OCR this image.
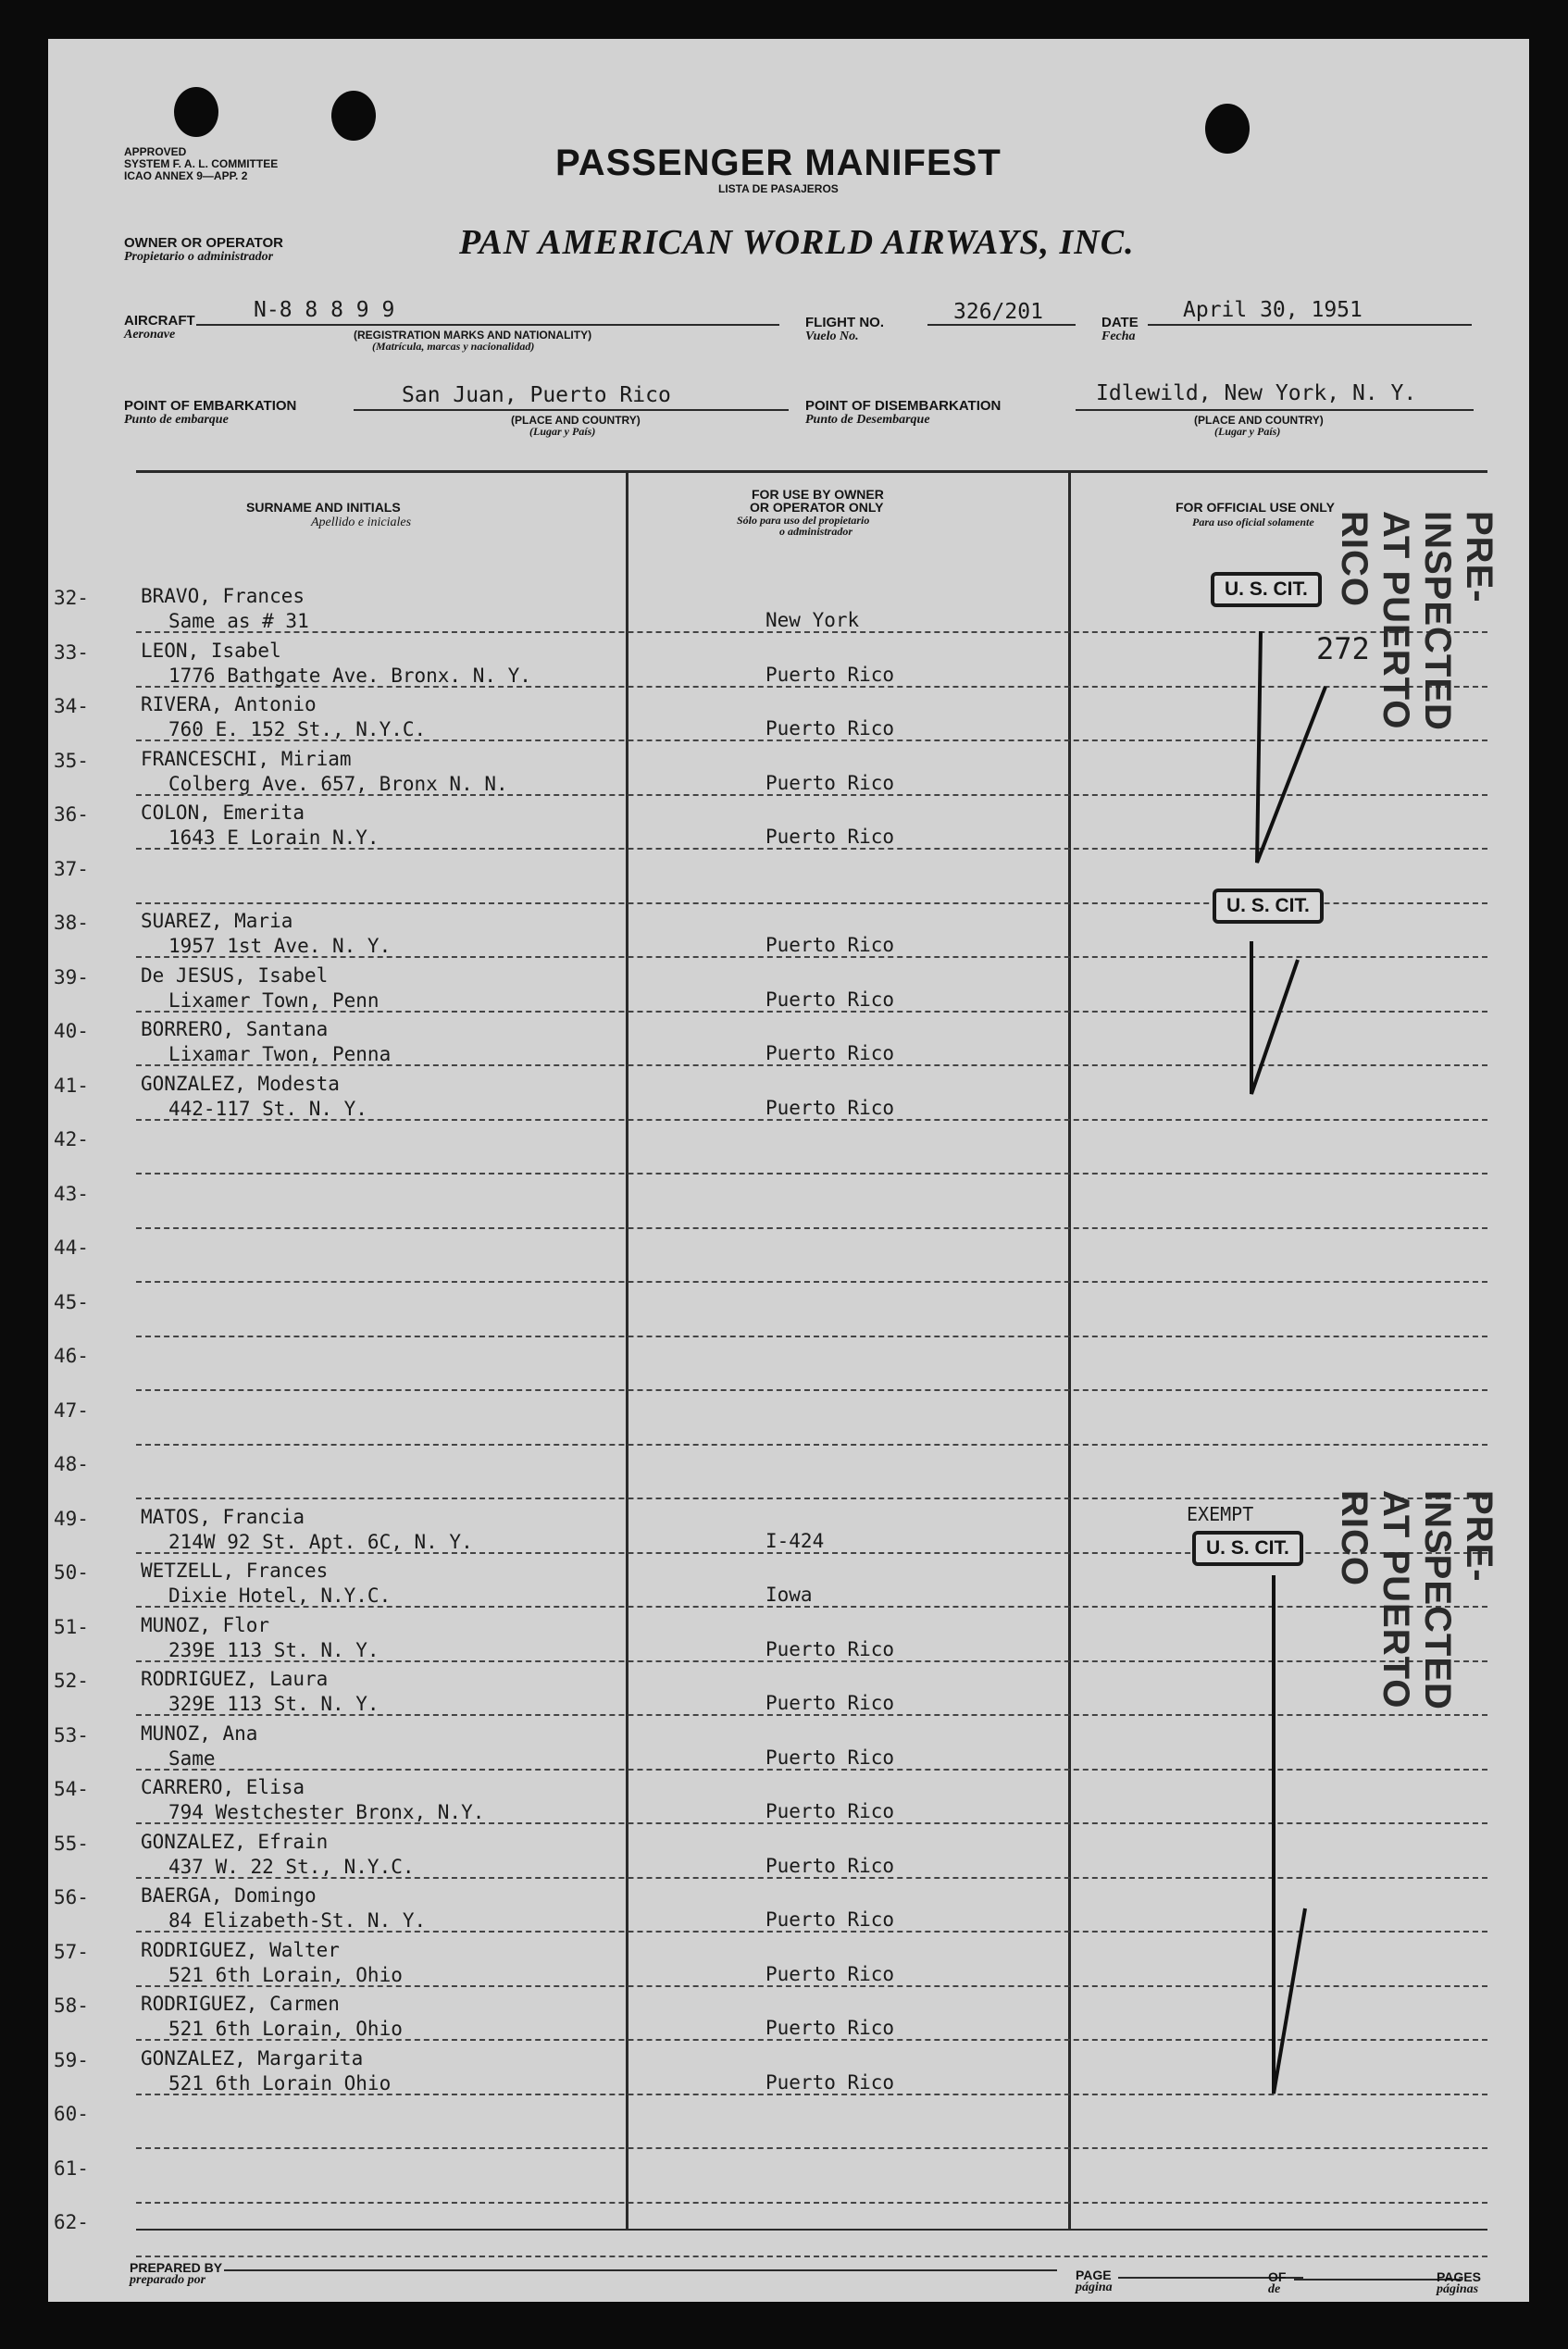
APPROVED
SYSTEM F. A. L. COMMITTEE
ICAO ANNEX 9—APP. 2	PASSENGER MANIFEST
LISTA DE PASAJEROS
OWNER OR OPERATOR
Propietario o administrador	PAN AMERICAN WORLD AIRWAYS, INC.
AIRCRAFT
Aeronave
N-8 8 8 9 9
(REGISTRATION MARKS AND NATIONALITY)
(Matrícula, marcas y nacionalidad)
FLIGHT NO.
Vuelo No.
326/201	DATE
Fecha
April 30, 1951
POINT OF EMBARKATION
Punto de embarque
San Juan, Puerto Rico
(PLACE AND COUNTRY)
(Lugar y País)
POINT OF DISEMBARKATION
Punto de Desembarque
Idlewild, New York, N. Y.
(PLACE AND COUNTRY)
(Lugar y País)
SURNAME AND INITIALS
Apellido e iniciales
FOR USE BY OWNER
OR OPERATOR ONLY
Sólo para uso del propietario
o administrador
FOR OFFICIAL USE ONLY
Para uso oficial solamente
32-	BRAVO, Frances
Same as # 31	New York
33-	LEON, Isabel
1776 Bathgate Ave. Bronx. N. Y.	Puerto Rico
34-	RIVERA, Antonio
760 E. 152 St., N.Y.C.	Puerto Rico
35-	FRANCESCHI, Miriam
Colberg Ave. 657, Bronx N. N.	Puerto Rico
36-	COLON, Emerita
1643 E Lorain N.Y.	Puerto Rico
37-
38-	SUAREZ, Maria
1957 1st Ave. N. Y.	Puerto Rico
39-	De JESUS, Isabel
Lixamer Town, Penn	Puerto Rico
40-	BORRERO, Santana
Lixamar Twon, Penna	Puerto Rico
41-	GONZALEZ, Modesta
442-117 St. N. Y.	Puerto Rico
42-
43-
44-
45-
46-
47-
48-
49-	MATOS, Francia
214W 92 St. Apt. 6C, N. Y.	I-424
50-	WETZELL, Frances
Dixie Hotel, N.Y.C.	Iowa
51-	MUNOZ, Flor
239E 113 St. N. Y.	Puerto Rico
52-	RODRIGUEZ, Laura
329E 113 St. N. Y.	Puerto Rico
53-	MUNOZ, Ana
Same	Puerto Rico
54-	CARRERO, Elisa
794 Westchester Bronx, N.Y.	Puerto Rico
55-	GONZALEZ, Efrain
437 W. 22 St., N.Y.C.	Puerto Rico
56-	BAERGA, Domingo
84 Elizabeth-St. N. Y.	Puerto Rico
57-	RODRIGUEZ, Walter
521 6th Lorain, Ohio	Puerto Rico
58-	RODRIGUEZ, Carmen
521 6th Lorain, Ohio	Puerto Rico
59-	GONZALEZ, Margarita
521 6th Lorain Ohio	Puerto Rico
60-
61-
62-
U. S. CIT.
272
U. S. CIT.
EXEMPT
U. S. CIT.
PRE-INSPECTED AT PUERTO RICO
PRE-INSPECTED AT PUERTO RICO
PREPARED BY
preparado por	PAGE
página
OF
de
PAGES
páginas
